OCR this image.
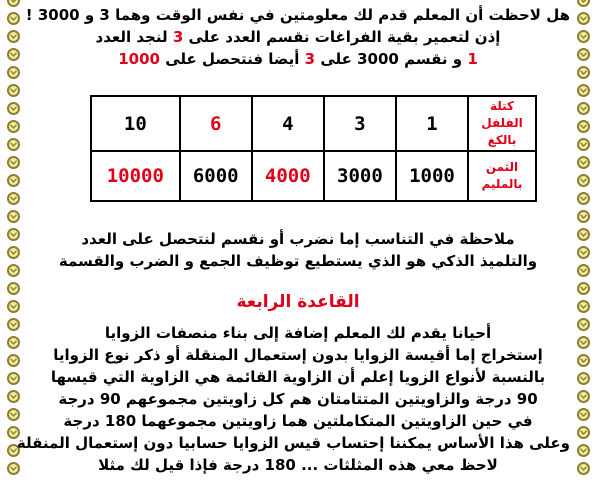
هل لاحظت أن المعلم قدم لك معلومتين في نفس الوقت وهما 3 و 3000 !
إذن لتعمير بقية الفراغات نقسم العدد على 3 لنجد العدد
1 و نقسم 3000 على 3 أيضا فنتحصل على 1000
كتلة الفلفل بالكغ	1	3	4	6	10
الثمن بالمليم	1000	3000	4000	6000	10000
ملاحظة في التناسب إما نضرب أو نقسم لنتحصل على العدد
والتلميذ الذكي هو الذي يستطيع توظيف الجمع و الضرب والقسمة
القاعدة الرابعة
أحيانا يقدم لك المعلم إضافة إلى بناء منصفات الزوايا
إستخراج إما أقيسة الزوايا بدون إستعمال المنقلة أو ذكر نوع الزوايا
بالنسبة لأنواع الزويا إعلم أن الزاوية القائمة هي الزاوية التي قيسها
90 درجة والزاويتين المتتامتان هم كل زاويتين مجموعهم 90 درجة
في حين الزاويتين المتكاملتين هما زاويتين مجموعهما 180 درجة
وعلى هذا الأساس يمكننا إحتساب قيس الزوايا حسابيا دون إستعمال المنقلة
لاحظ معي هذه المثلثات ... 180 درجة فإذا قيل لك مثلا
